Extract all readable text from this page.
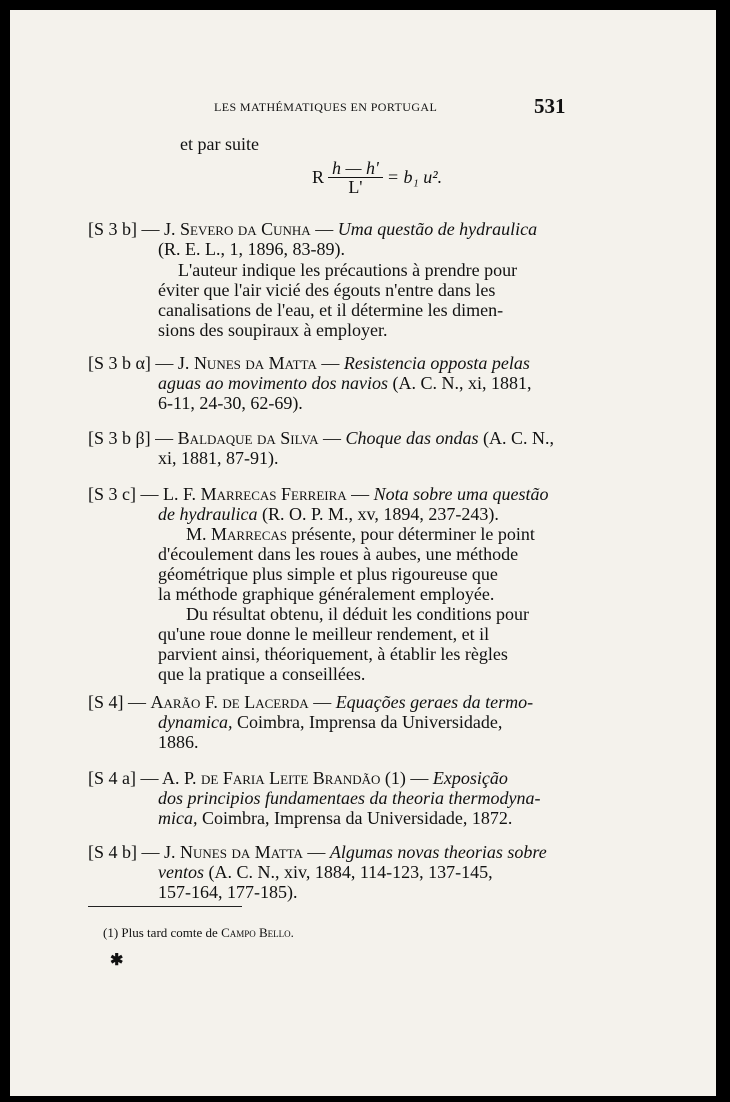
LES MATHÉMATIQUES EN PORTUGAL	531
et par suite
R $\frac{h — h'}{L'} = b_1$ u².
[S 3 b] — J. Severo da Cunha — Uma questão de hydraulica
(R. E. L., 1, 1896, 83-89).
L'auteur indique les précautions à prendre pour
éviter que l'air vicié des égouts n'entre dans les
canalisations de l'eau, et il détermine les dimen-
sions des soupiraux à employer.
[S 3 b α] — J. Nunes da Matta — Resistencia opposta pelas
aguas ao movimento dos navios (A. C. N., xi, 1881,
6-11, 24-30, 62-69).
[S 3 b β] — Baldaque da Silva — Choque das ondas (A. C. N.,
xi, 1881, 87-91).
[S 3 c] — L. F. Marrecas Ferreira — Nota sobre uma questão
de hydraulica (R. O. P. M., xv, 1894, 237-243).
M. Marrecas présente, pour déterminer le point
d'écoulement dans les roues à aubes, une méthode
géométrique plus simple et plus rigoureuse que
la méthode graphique généralement employée.
Du résultat obtenu, il déduit les conditions pour
qu'une roue donne le meilleur rendement, et il
parvient ainsi, théoriquement, à établir les règles
que la pratique a conseillées.
[S 4] — Aarão F. de Lacerda — Equações geraes da termo-
dynamica, Coimbra, Imprensa da Universidade,
1886.
[S 4 a] — A. P. de Faria Leite Brandão (1) — Exposição
dos principios fundamentaes da theoria thermodyna-
mica, Coimbra, Imprensa da Universidade, 1872.
[S 4 b] — J. Nunes da Matta — Algumas novas theorias sobre
ventos (A. C. N., xiv, 1884, 114-123, 137-145,
157-164, 177-185).
(1) Plus tard comte de Campo Bello.
✱
